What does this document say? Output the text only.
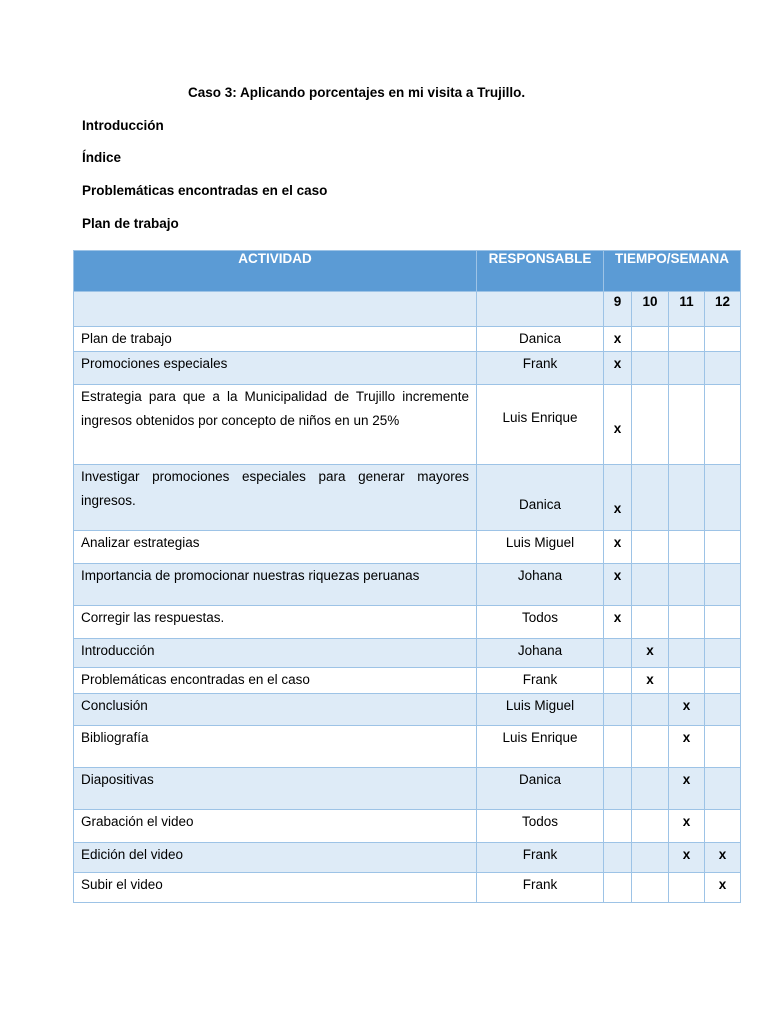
Caso 3: Aplicando porcentajes en mi visita a Trujillo.
Introducción
Índice
Problemáticas encontradas en el caso
Plan de trabajo
ACTIVIDAD	RESPONSABLE	TIEMPO/SEMANA			
		9	10	11	12
Plan de trabajo	Danica	x			
Promociones especiales	Frank	x			
Estrategia para que a la Municipalidad de Trujillo incremente ingresos obtenidos por concepto de niños en un 25%	Luis Enrique	x			
Investigar promociones especiales para generar mayores ingresos.	Danica	x			
Analizar estrategias	Luis Miguel	x			
Importancia de promocionar nuestras riquezas peruanas	Johana	x			
Corregir las respuestas.	Todos	x			
Introducción	Johana		x		
Problemáticas encontradas en el caso	Frank		x		
Conclusión	Luis Miguel			x	
Bibliografía	Luis Enrique			x	
Diapositivas	Danica			x	
Grabación el video	Todos			x	
Edición del video	Frank			x	x
Subir el video	Frank				x
